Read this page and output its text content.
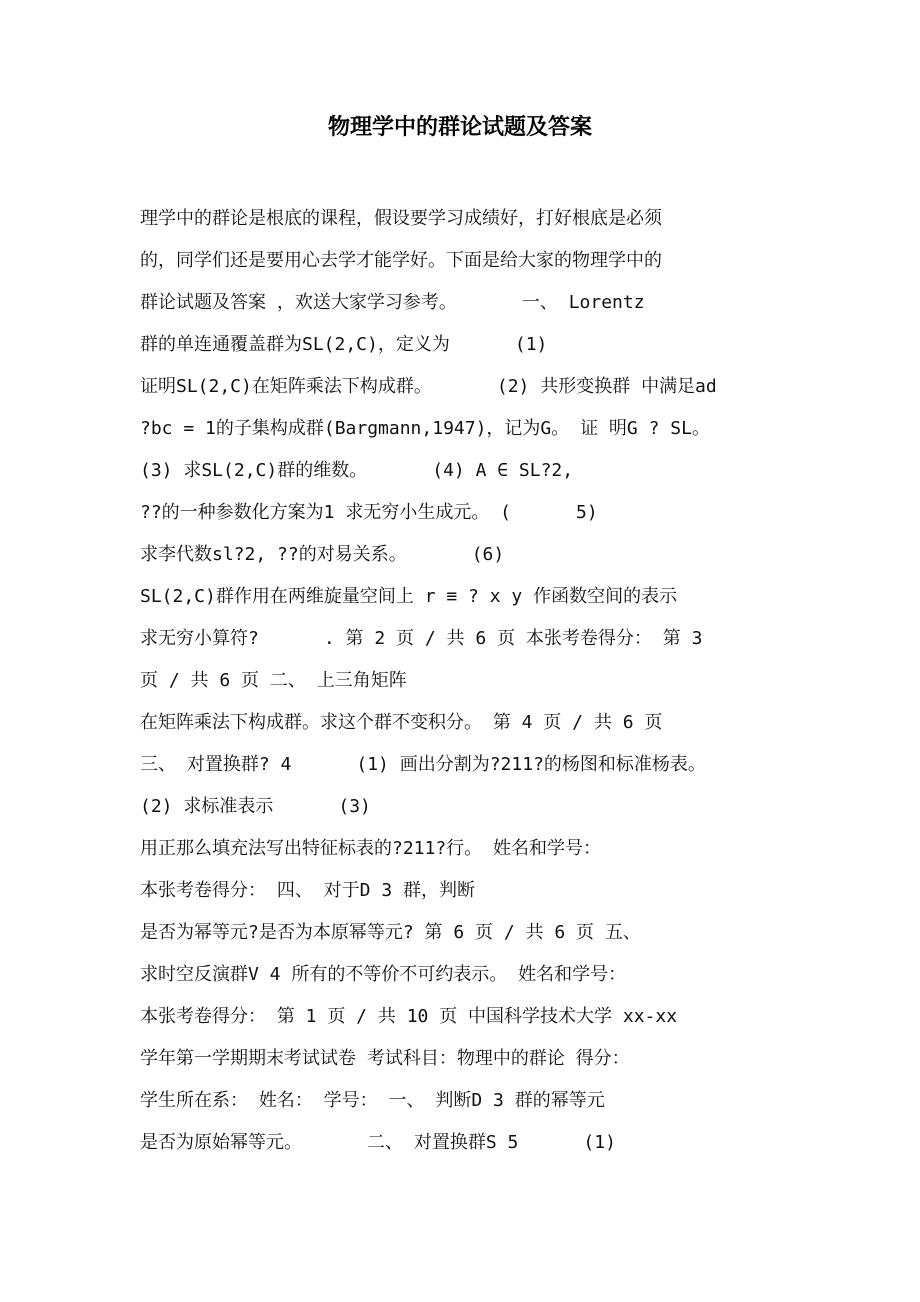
物理学中的群论试题及答案
理学中的群论是根底的课程，假设要学习成绩好，打好根底是必须
的，同学们还是要用心去学才能学好。下面是给大家的物理学中的
群论试题及答案 ，欢送大家学习参考。      一、 Lorentz
群的单连通覆盖群为SL(2,C)，定义为      (1)
证明SL(2,C)在矩阵乘法下构成群。      (2) 共形变换群 中满足ad
?bc = 1的子集构成群(Bargmann,1947)，记为G。 证 明G ? SL。
(3) 求SL(2,C)群的维数。      (4) A ∈ SL?2,
??的一种参数化方案为1 求无穷小生成元。 (      5)
求李代数sl?2, ??的对易关系。      (6)
SL(2,C)群作用在两维旋量空间上 r ≡ ? x y 作函数空间的表示
求无穷小算符?      . 第 2 页 / 共 6 页 本张考卷得分： 第 3
页 / 共 6 页 二、 上三角矩阵
在矩阵乘法下构成群。求这个群不变积分。 第 4 页 / 共 6 页
三、 对置换群? 4      (1) 画出分割为?211?的杨图和标准杨表。
(2) 求标准表示      (3)
用正那么填充法写出特征标表的?211?行。 姓名和学号：
本张考卷得分： 四、 对于D 3 群，判断
是否为幂等元?是否为本原幂等元? 第 6 页 / 共 6 页 五、
求时空反演群V 4 所有的不等价不可约表示。 姓名和学号：
本张考卷得分： 第 1 页 / 共 10 页 中国科学技术大学 xx-xx
学年第一学期期末考试试卷 考试科目：物理中的群论 得分：
学生所在系： 姓名： 学号： 一、 判断D 3 群的幂等元
是否为原始幂等元。      二、 对置换群S 5      (1)
